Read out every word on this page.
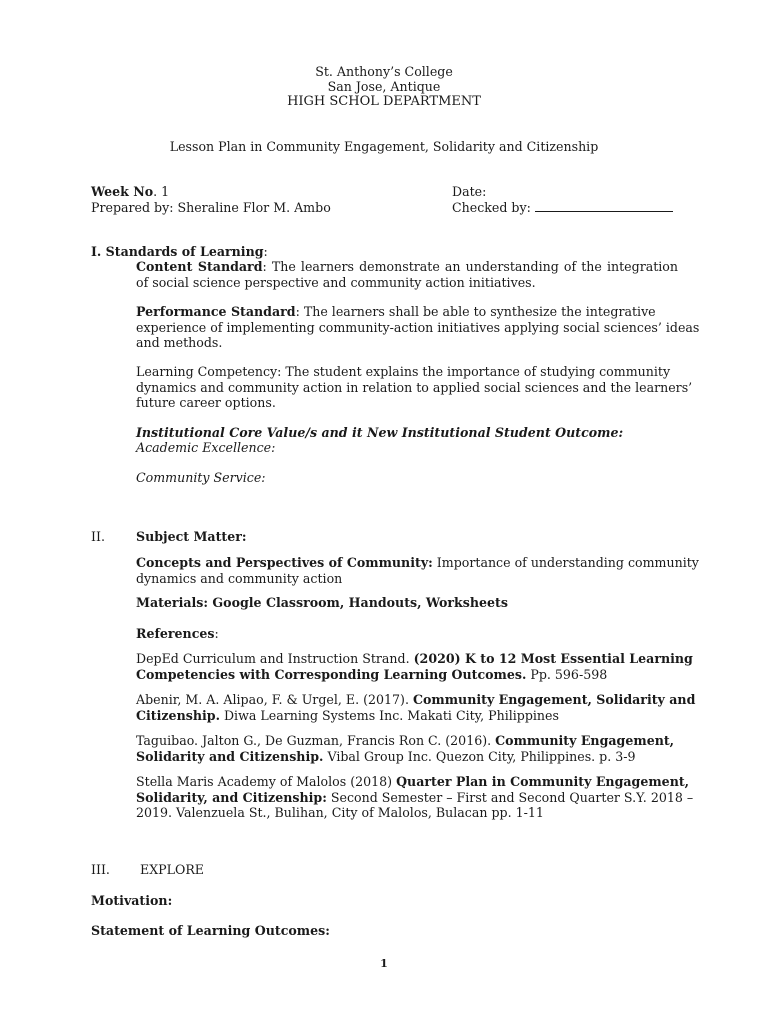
St. Anthony’s College
San Jose, Antique
HIGH SCHOL DEPARTMENT
Lesson Plan in Community Engagement, Solidarity and Citizenship
Week No. 1	Date:
Prepared by: Sheraline Flor M. Ambo	Checked by:
I. Standards of Learning:
Content Standard: The learners demonstrate an understanding of the integration of social science perspective and community action initiatives.
Performance Standard: The learners shall be able to synthesize the integrative
experience of implementing community-action initiatives applying social sciences’ ideas
and methods.
Learning Competency: The student explains the importance of studying community
dynamics and community action in relation to applied social sciences and the learners’
future career options.
Institutional Core Value/s and it New Institutional Student Outcome:
Academic Excellence:
Community Service:
II. Subject Matter:
Concepts and Perspectives of Community: Importance of understanding community
dynamics and community action
Materials: Google Classroom, Handouts, Worksheets
References:
DepEd Curriculum and Instruction Strand. (2020) K to 12 Most Essential Learning
Competencies with Corresponding Learning Outcomes. Pp. 596-598
Abenir, M. A. Alipao, F. & Urgel, E. (2017). Community Engagement, Solidarity and
Citizenship. Diwa Learning Systems Inc. Makati City, Philippines
Taguibao. Jalton G., De Guzman, Francis Ron C. (2016). Community Engagement,
Solidarity and Citizenship. Vibal Group Inc. Quezon City, Philippines. p. 3-9
Stella Maris Academy of Malolos (2018) Quarter Plan in Community Engagement,
Solidarity, and Citizenship: Second Semester – First and Second Quarter S.Y. 2018 –
2019. Valenzuela St., Bulihan, City of Malolos, Bulacan pp. 1-11
III. EXPLORE
Motivation:
Statement of Learning Outcomes:
1
